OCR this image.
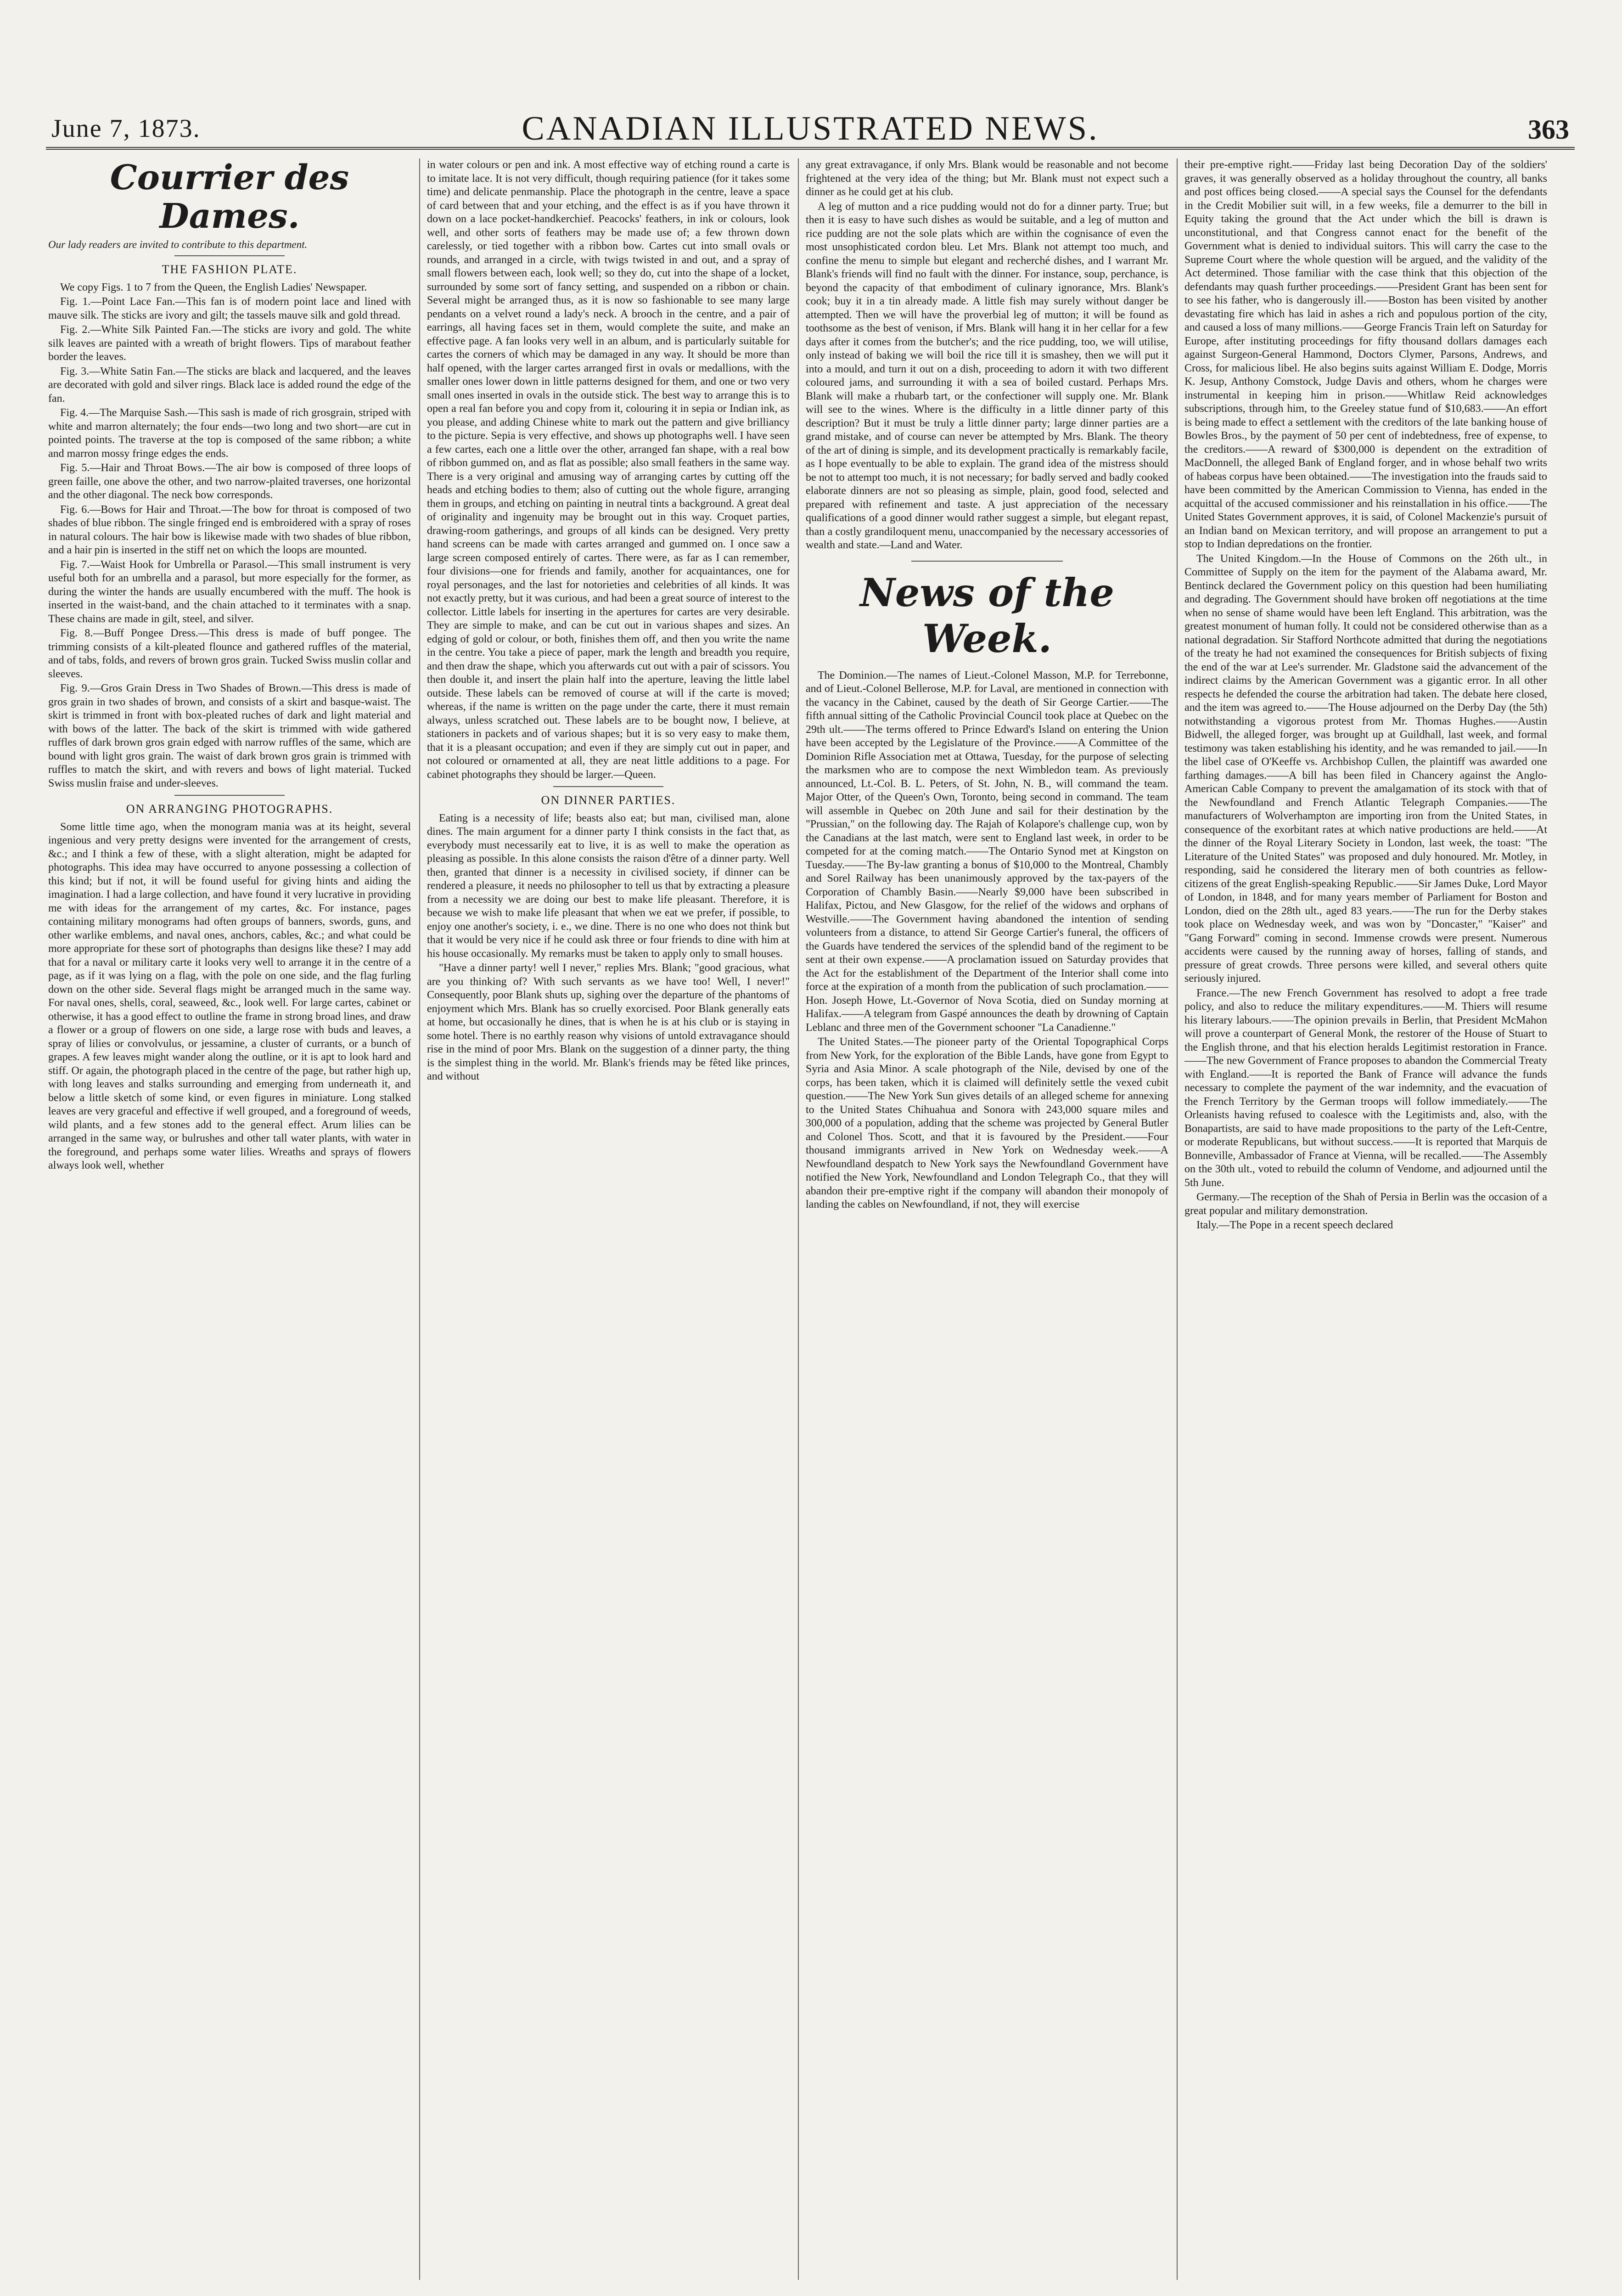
June 7, 1873.	CANADIAN ILLUSTRATED NEWS.	363
Courrier des Dames.
Our lady readers are invited to contribute to this department.
THE FASHION PLATE.

We copy Figs. 1 to 7 from the Queen, the English Ladies' Newspaper.

Fig. 1.—Point Lace Fan.—This fan is of modern point lace and lined with mauve silk. The sticks are ivory and gilt; the tassels mauve silk and gold thread.

Fig. 2.—White Silk Painted Fan.—The sticks are ivory and gold. The white silk leaves are painted with a wreath of bright flowers. Tips of marabout feather border the leaves.

Fig. 3.—White Satin Fan.—The sticks are black and lacquered, and the leaves are decorated with gold and silver rings. Black lace is added round the edge of the fan.

Fig. 4.—The Marquise Sash.—This sash is made of rich grosgrain, striped with white and marron alternately; the four ends—two long and two short—are cut in pointed points. The traverse at the top is composed of the same ribbon; a white and marron mossy fringe edges the ends.

Fig. 5.—Hair and Throat Bows.—The air bow is composed of three loops of green faille, one above the other, and two narrow-plaited traverses, one horizontal and the other diagonal. The neck bow corresponds.

Fig. 6.—Bows for Hair and Throat.—The bow for throat is composed of two shades of blue ribbon. The single fringed end is embroidered with a spray of roses in natural colours. The hair bow is likewise made with two shades of blue ribbon, and a hair pin is inserted in the stiff net on which the loops are mounted.

Fig. 7.—Waist Hook for Umbrella or Parasol.—This small instrument is very useful both for an umbrella and a parasol, but more especially for the former, as during the winter the hands are usually encumbered with the muff. The hook is inserted in the waist-band, and the chain attached to it terminates with a snap. These chains are made in gilt, steel, and silver.

Fig. 8.—Buff Pongee Dress.—This dress is made of buff pongee. The trimming consists of a kilt-pleated flounce and gathered ruffles of the material, and of tabs, folds, and revers of brown gros grain. Tucked Swiss muslin collar and sleeves.

Fig. 9.—Gros Grain Dress in Two Shades of Brown.—This dress is made of gros grain in two shades of brown, and consists of a skirt and basque-waist. The skirt is trimmed in front with box-pleated ruches of dark and light material and with bows of the latter. The back of the skirt is trimmed with wide gathered ruffles of dark brown gros grain edged with narrow ruffles of the same, which are bound with light gros grain. The waist of dark brown gros grain is trimmed with ruffles to match the skirt, and with revers and bows of light material. Tucked Swiss muslin fraise and under-sleeves.

ON ARRANGING PHOTOGRAPHS.

Some little time ago, when the monogram mania was at its height, several ingenious and very pretty designs were invented for the arrangement of crests, &c.; and I think a few of these, with a slight alteration, might be adapted for photographs. This idea may have occurred to anyone possessing a collection of this kind; but if not, it will be found useful for giving hints and aiding the imagination. I had a large collection, and have found it very lucrative in providing me with ideas for the arrangement of my cartes, &c. For instance, pages containing military monograms had often groups of banners, swords, guns, and other warlike emblems, and naval ones, anchors, cables, &c.; and what could be more appropriate for these sort of photographs than designs like these? I may add that for a naval or military carte it looks very well to arrange it in the centre of a page, as if it was lying on a flag, with the pole on one side, and the flag furling down on the other side. Several flags might be arranged much in the same way. For naval ones, shells, coral, seaweed, &c., look well. For large cartes, cabinet or otherwise, it has a good effect to outline the frame in strong broad lines, and draw a flower or a group of flowers on one side, a large rose with buds and leaves, a spray of lilies or convolvulus, or jessamine, a cluster of currants, or a bunch of grapes. A few leaves might wander along the outline, or it is apt to look hard and stiff. Or again, the photograph placed in the centre of the page, but rather high up, with long leaves and stalks surrounding and emerging from underneath it, and below a little sketch of some kind, or even figures in miniature. Long stalked leaves are very graceful and effective if well grouped, and a foreground of weeds, wild plants, and a few stones add to the general effect. Arum lilies can be arranged in the same way, or bulrushes and other tall water plants, with water in the foreground, and perhaps some water lilies. Wreaths and sprays of flowers always look well, whether

in water colours or pen and ink. A most effective way of etching round a carte is to imitate lace. It is not very difficult, though requiring patience (for it takes some time) and delicate penmanship. Place the photograph in the centre, leave a space of card between that and your etching, and the effect is as if you have thrown it down on a lace pocket-handkerchief. Peacocks' feathers, in ink or colours, look well, and other sorts of feathers may be made use of; a few thrown down carelessly, or tied together with a ribbon bow. Cartes cut into small ovals or rounds, and arranged in a circle, with twigs twisted in and out, and a spray of small flowers between each, look well; so they do, cut into the shape of a locket, surrounded by some sort of fancy setting, and suspended on a ribbon or chain. Several might be arranged thus, as it is now so fashionable to see many large pendants on a velvet round a lady's neck. A brooch in the centre, and a pair of earrings, all having faces set in them, would complete the suite, and make an effective page. A fan looks very well in an album, and is particularly suitable for cartes the corners of which may be damaged in any way. It should be more than half opened, with the larger cartes arranged first in ovals or medallions, with the smaller ones lower down in little patterns designed for them, and one or two very small ones inserted in ovals in the outside stick. The best way to arrange this is to open a real fan before you and copy from it, colouring it in sepia or Indian ink, as you please, and adding Chinese white to mark out the pattern and give brilliancy to the picture. Sepia is very effective, and shows up photographs well. I have seen a few cartes, each one a little over the other, arranged fan shape, with a real bow of ribbon gummed on, and as flat as possible; also small feathers in the same way. There is a very original and amusing way of arranging cartes by cutting off the heads and etching bodies to them; also of cutting out the whole figure, arranging them in groups, and etching on painting in neutral tints a background. A great deal of originality and ingenuity may be brought out in this way. Croquet parties, drawing-room gatherings, and groups of all kinds can be designed. Very pretty hand screens can be made with cartes arranged and gummed on. I once saw a large screen composed entirely of cartes. There were, as far as I can remember, four divisions—one for friends and family, another for acquaintances, one for royal personages, and the last for notorieties and celebrities of all kinds. It was not exactly pretty, but it was curious, and had been a great source of interest to the collector. Little labels for inserting in the apertures for cartes are very desirable. They are simple to make, and can be cut out in various shapes and sizes. An edging of gold or colour, or both, finishes them off, and then you write the name in the centre. You take a piece of paper, mark the length and breadth you require, and then draw the shape, which you afterwards cut out with a pair of scissors. You then double it, and insert the plain half into the aperture, leaving the little label outside. These labels can be removed of course at will if the carte is moved; whereas, if the name is written on the page under the carte, there it must remain always, unless scratched out. These labels are to be bought now, I believe, at stationers in packets and of various shapes; but it is so very easy to make them, that it is a pleasant occupation; and even if they are simply cut out in paper, and not coloured or ornamented at all, they are neat little additions to a page. For cabinet photographs they should be larger.—Queen.

ON DINNER PARTIES.

Eating is a necessity of life; beasts also eat; but man, civilised man, alone dines. The main argument for a dinner party I think consists in the fact that, as everybody must necessarily eat to live, it is as well to make the operation as pleasing as possible. In this alone consists the raison d'être of a dinner party. Well then, granted that dinner is a necessity in civilised society, if dinner can be rendered a pleasure, it needs no philosopher to tell us that by extracting a pleasure from a necessity we are doing our best to make life pleasant. Therefore, it is because we wish to make life pleasant that when we eat we prefer, if possible, to enjoy one another's society, i. e., we dine. There is no one who does not think but that it would be very nice if he could ask three or four friends to dine with him at his house occasionally. My remarks must be taken to apply only to small houses.

"Have a dinner party! well I never," replies Mrs. Blank; "good gracious, what are you thinking of? With such servants as we have too! Well, I never!" Consequently, poor Blank shuts up, sighing over the departure of the phantoms of enjoyment which Mrs. Blank has so cruelly exorcised. Poor Blank generally eats at home, but occasionally he dines, that is when he is at his club or is staying in some hotel. There is no earthly reason why visions of untold extravagance should rise in the mind of poor Mrs. Blank on the suggestion of a dinner party, the thing is the simplest thing in the world. Mr. Blank's friends may be fêted like princes, and without

any great extravagance, if only Mrs. Blank would be reasonable and not become frightened at the very idea of the thing; but Mr. Blank must not expect such a dinner as he could get at his club.

A leg of mutton and a rice pudding would not do for a dinner party. True; but then it is easy to have such dishes as would be suitable, and a leg of mutton and rice pudding are not the sole plats which are within the cognisance of even the most unsophisticated cordon bleu. Let Mrs. Blank not attempt too much, and confine the menu to simple but elegant and recherché dishes, and I warrant Mr. Blank's friends will find no fault with the dinner. For instance, soup, perchance, is beyond the capacity of that embodiment of culinary ignorance, Mrs. Blank's cook; buy it in a tin already made. A little fish may surely without danger be attempted. Then we will have the proverbial leg of mutton; it will be found as toothsome as the best of venison, if Mrs. Blank will hang it in her cellar for a few days after it comes from the butcher's; and the rice pudding, too, we will utilise, only instead of baking we will boil the rice till it is smashey, then we will put it into a mould, and turn it out on a dish, proceeding to adorn it with two different coloured jams, and surrounding it with a sea of boiled custard. Perhaps Mrs. Blank will make a rhubarb tart, or the confectioner will supply one. Mr. Blank will see to the wines. Where is the difficulty in a little dinner party of this description? But it must be truly a little dinner party; large dinner parties are a grand mistake, and of course can never be attempted by Mrs. Blank. The theory of the art of dining is simple, and its development practically is remarkably facile, as I hope eventually to be able to explain. The grand idea of the mistress should be not to attempt too much, it is not necessary; for badly served and badly cooked elaborate dinners are not so pleasing as simple, plain, good food, selected and prepared with refinement and taste. A just appreciation of the necessary qualifications of a good dinner would rather suggest a simple, but elegant repast, than a costly grandiloquent menu, unaccompanied by the necessary accessories of wealth and state.—Land and Water.

News of the Week.

The Dominion.—The names of Lieut.-Colonel Masson, M.P. for Terrebonne, and of Lieut.-Colonel Bellerose, M.P. for Laval, are mentioned in connection with the vacancy in the Cabinet, caused by the death of Sir George Cartier.——The fifth annual sitting of the Catholic Provincial Council took place at Quebec on the 29th ult.——The terms offered to Prince Edward's Island on entering the Union have been accepted by the Legislature of the Province.——A Committee of the Dominion Rifle Association met at Ottawa, Tuesday, for the purpose of selecting the marksmen who are to compose the next Wimbledon team. As previously announced, Lt.-Col. B. L. Peters, of St. John, N. B., will command the team. Major Otter, of the Queen's Own, Toronto, being second in command. The team will assemble in Quebec on 20th June and sail for their destination by the "Prussian," on the following day. The Rajah of Kolapore's challenge cup, won by the Canadians at the last match, were sent to England last week, in order to be competed for at the coming match.——The Ontario Synod met at Kingston on Tuesday.——The By-law granting a bonus of $10,000 to the Montreal, Chambly and Sorel Railway has been unanimously approved by the tax-payers of the Corporation of Chambly Basin.——Nearly $9,000 have been subscribed in Halifax, Pictou, and New Glasgow, for the relief of the widows and orphans of Westville.——The Government having abandoned the intention of sending volunteers from a distance, to attend Sir George Cartier's funeral, the officers of the Guards have tendered the services of the splendid band of the regiment to be sent at their own expense.——A proclamation issued on Saturday provides that the Act for the establishment of the Department of the Interior shall come into force at the expiration of a month from the publication of such proclamation.——Hon. Joseph Howe, Lt.-Governor of Nova Scotia, died on Sunday morning at Halifax.——A telegram from Gaspé announces the death by drowning of Captain Leblanc and three men of the Government schooner "La Canadienne."

The United States.—The pioneer party of the Oriental Topographical Corps from New York, for the exploration of the Bible Lands, have gone from Egypt to Syria and Asia Minor. A scale photograph of the Nile, devised by one of the corps, has been taken, which it is claimed will definitely settle the vexed cubit question.——The New York Sun gives details of an alleged scheme for annexing to the United States Chihuahua and Sonora with 243,000 square miles and 300,000 of a population, adding that the scheme was projected by General Butler and Colonel Thos. Scott, and that it is favoured by the President.——Four thousand immigrants arrived in New York on Wednesday week.——A Newfoundland despatch to New York says the Newfoundland Government have notified the New York, Newfoundland and London Telegraph Co., that they will abandon their pre-emptive right if the company will abandon their monopoly of landing the cables on Newfoundland, if not, they will exercise

their pre-emptive right.——Friday last being Decoration Day of the soldiers' graves, it was generally observed as a holiday throughout the country, all banks and post offices being closed.——A special says the Counsel for the defendants in the Credit Mobilier suit will, in a few weeks, file a demurrer to the bill in Equity taking the ground that the Act under which the bill is drawn is unconstitutional, and that Congress cannot enact for the benefit of the Government what is denied to individual suitors. This will carry the case to the Supreme Court where the whole question will be argued, and the validity of the Act determined. Those familiar with the case think that this objection of the defendants may quash further proceedings.——President Grant has been sent for to see his father, who is dangerously ill.——Boston has been visited by another devastating fire which has laid in ashes a rich and populous portion of the city, and caused a loss of many millions.——George Francis Train left on Saturday for Europe, after instituting proceedings for fifty thousand dollars damages each against Surgeon-General Hammond, Doctors Clymer, Parsons, Andrews, and Cross, for malicious libel. He also begins suits against William E. Dodge, Morris K. Jesup, Anthony Comstock, Judge Davis and others, whom he charges were instrumental in keeping him in prison.——Whitlaw Reid acknowledges subscriptions, through him, to the Greeley statue fund of $10,683.——An effort is being made to effect a settlement with the creditors of the late banking house of Bowles Bros., by the payment of 50 per cent of indebtedness, free of expense, to the creditors.——A reward of $300,000 is dependent on the extradition of MacDonnell, the alleged Bank of England forger, and in whose behalf two writs of habeas corpus have been obtained.——The investigation into the frauds said to have been committed by the American Commission to Vienna, has ended in the acquittal of the accused commissioner and his reinstallation in his office.——The United States Government approves, it is said, of Colonel Mackenzie's pursuit of an Indian band on Mexican territory, and will propose an arrangement to put a stop to Indian depredations on the frontier.

The United Kingdom.—In the House of Commons on the 26th ult., in Committee of Supply on the item for the payment of the Alabama award, Mr. Bentinck declared the Government policy on this question had been humiliating and degrading. The Government should have broken off negotiations at the time when no sense of shame would have been left England. This arbitration, was the greatest monument of human folly. It could not be considered otherwise than as a national degradation. Sir Stafford Northcote admitted that during the negotiations of the treaty he had not examined the consequences for British subjects of fixing the end of the war at Lee's surrender. Mr. Gladstone said the advancement of the indirect claims by the American Government was a gigantic error. In all other respects he defended the course the arbitration had taken. The debate here closed, and the item was agreed to.——The House adjourned on the Derby Day (the 5th) notwithstanding a vigorous protest from Mr. Thomas Hughes.——Austin Bidwell, the alleged forger, was brought up at Guildhall, last week, and formal testimony was taken establishing his identity, and he was remanded to jail.——In the libel case of O'Keeffe vs. Archbishop Cullen, the plaintiff was awarded one farthing damages.——A bill has been filed in Chancery against the Anglo-American Cable Company to prevent the amalgamation of its stock with that of the Newfoundland and French Atlantic Telegraph Companies.——The manufacturers of Wolverhampton are importing iron from the United States, in consequence of the exorbitant rates at which native productions are held.——At the dinner of the Royal Literary Society in London, last week, the toast: "The Literature of the United States" was proposed and duly honoured. Mr. Motley, in responding, said he considered the literary men of both countries as fellow-citizens of the great English-speaking Republic.——Sir James Duke, Lord Mayor of London, in 1848, and for many years member of Parliament for Boston and London, died on the 28th ult., aged 83 years.——The run for the Derby stakes took place on Wednesday week, and was won by "Doncaster," "Kaiser" and "Gang Forward" coming in second. Immense crowds were present. Numerous accidents were caused by the running away of horses, falling of stands, and pressure of great crowds. Three persons were killed, and several others quite seriously injured.

France.—The new French Government has resolved to adopt a free trade policy, and also to reduce the military expenditures.——M. Thiers will resume his literary labours.——The opinion prevails in Berlin, that President McMahon will prove a counterpart of General Monk, the restorer of the House of Stuart to the English throne, and that his election heralds Legitimist restoration in France.——The new Government of France proposes to abandon the Commercial Treaty with England.——It is reported the Bank of France will advance the funds necessary to complete the payment of the war indemnity, and the evacuation of the French Territory by the German troops will follow immediately.——The Orleanists having refused to coalesce with the Legitimists and, also, with the Bonapartists, are said to have made propositions to the party of the Left-Centre, or moderate Republicans, but without success.——It is reported that Marquis de Bonneville, Ambassador of France at Vienna, will be recalled.——The Assembly on the 30th ult., voted to rebuild the column of Vendome, and adjourned until the 5th June.

Germany.—The reception of the Shah of Persia in Berlin was the occasion of a great popular and military demonstration.

Italy.—The Pope in a recent speech declared
